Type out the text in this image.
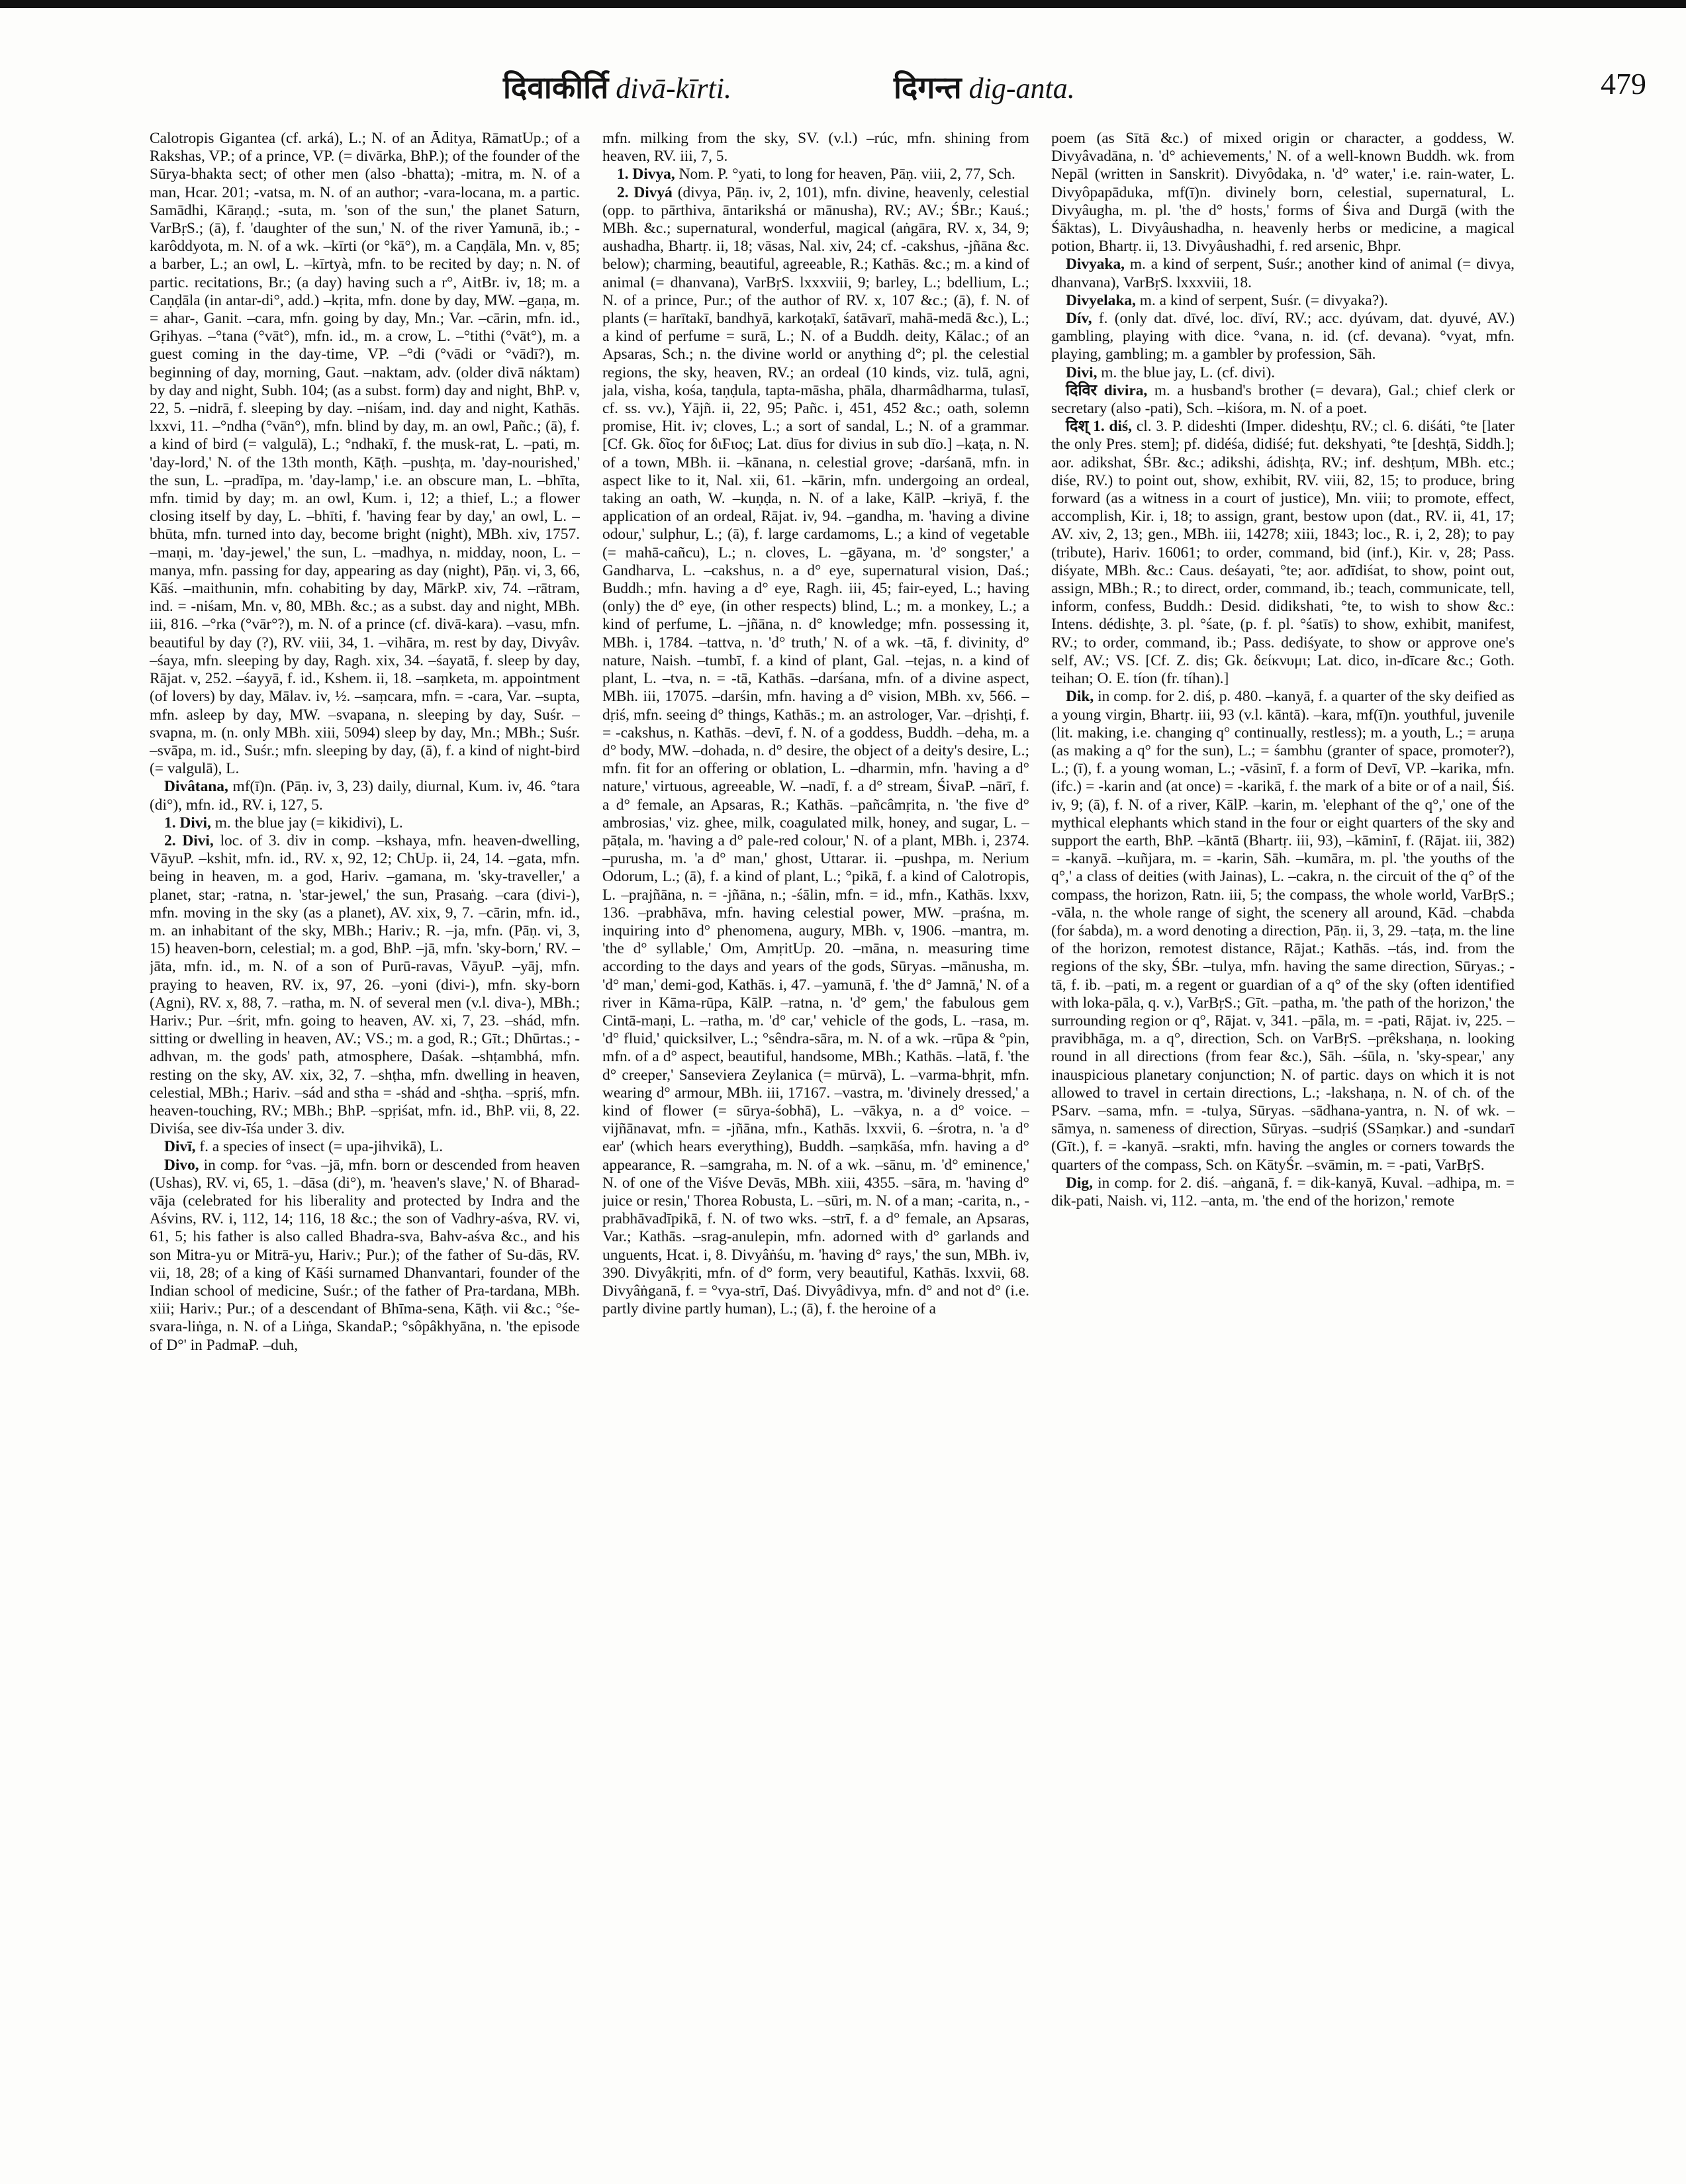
दिवाकीर्ति divā-kīrti.	दिगन्त dig-anta.	479

Calotropis Gigantea (cf. arká), L.; N. of an Āditya, RāmatUp.; of a Rakshas, VP.; of a prince, VP. (= divārka, BhP.); of the founder of the Sūrya-bhakta sect; of other men (also -bhatta); -mitra, m. N. of a man, Hcar. 201; -vatsa, m. N. of an author; -vara-locana, m. a partic. Samādhi, Kāraṇḍ.; -suta, m. 'son of the sun,' the planet Saturn, VarBṛS.; (ā), f. 'daughter of the sun,' N. of the river Yamunā, ib.; -karôddyota, m. N. of a wk. –kīrti (or °kā°), m. a Caṇḍāla, Mn. v, 85; a barber, L.; an owl, L. –kīrtyà, mfn. to be recited by day; n. N. of partic. recitations, Br.; (a day) having such a r°, AitBr. iv, 18; m. a Caṇḍāla (in antar-di°, add.) –kṛita, mfn. done by day, MW. –gaṇa, m. = ahar-, Ganit. –cara, mfn. going by day, Mn.; Var. –cārin, mfn. id., Gṛihyas. –°tana (°vāt°), mfn. id., m. a crow, L. –°tithi (°vāt°), m. a guest coming in the day-time, VP. –°di (°vādi or °vādī?), m. beginning of day, morning, Gaut. –naktam, adv. (older divā náktam) by day and night, Subh. 104; (as a subst. form) day and night, BhP. v, 22, 5. –nidrā, f. sleeping by day. –niśam, ind. day and night, Kathās. lxxvi, 11. –°ndha (°vān°), mfn. blind by day, m. an owl, Pañc.; (ā), f. a kind of bird (= valgulā), L.; °ndhakī, f. the musk-rat, L. –pati, m. 'day-lord,' N. of the 13th month, Kāṭh. –pushṭa, m. 'day-nourished,' the sun, L. –pradīpa, m. 'day-lamp,' i.e. an obscure man, L. –bhīta, mfn. timid by day; m. an owl, Kum. i, 12; a thief, L.; a flower closing itself by day, L. –bhīti, f. 'having fear by day,' an owl, L. –bhūta, mfn. turned into day, become bright (night), MBh. xiv, 1757. –maṇi, m. 'day-jewel,' the sun, L. –madhya, n. midday, noon, L. –manya, mfn. passing for day, appearing as day (night), Pāṇ. vi, 3, 66, Kāś. –maithunin, mfn. cohabiting by day, MārkP. xiv, 74. –rātram, ind. = -niśam, Mn. v, 80, MBh. &c.; as a subst. day and night, MBh. iii, 816. –°rka (°vār°?), m. N. of a prince (cf. divā-kara). –vasu, mfn. beautiful by day (?), RV. viii, 34, 1. –vihāra, m. rest by day, Divyâv. –śaya, mfn. sleeping by day, Ragh. xix, 34. –śayatā, f. sleep by day, Rājat. v, 252. –śayyā, f. id., Kshem. ii, 18. –saṃketa, m. appointment (of lovers) by day, Mālav. iv, ½. –saṃcara, mfn. = -cara, Var. –supta, mfn. asleep by day, MW. –svapana, n. sleeping by day, Suśr. –svapna, m. (n. only MBh. xiii, 5094) sleep by day, Mn.; MBh.; Suśr. –svāpa, m. id., Suśr.; mfn. sleeping by day, (ā), f. a kind of night-bird (= valgulā), L.

Divâtana, mf(ī)n. (Pāṇ. iv, 3, 23) daily, diurnal, Kum. iv, 46. °tara (di°), mfn. id., RV. i, 127, 5.

1. Divi, m. the blue jay (= kikidivi), L.

2. Divi, loc. of 3. div in comp. –kshaya, mfn. heaven-dwelling, VāyuP. –kshit, mfn. id., RV. x, 92, 12; ChUp. ii, 24, 14. –gata, mfn. being in heaven, m. a god, Hariv. –gamana, m. 'sky-traveller,' a planet, star; -ratna, n. 'star-jewel,' the sun, Prasaṅg. –cara (divi-), mfn. moving in the sky (as a planet), AV. xix, 9, 7. –cārin, mfn. id., m. an inhabitant of the sky, MBh.; Hariv.; R. –ja, mfn. (Pāṇ. vi, 3, 15) heaven-born, celestial; m. a god, BhP. –jā, mfn. 'sky-born,' RV. –jāta, mfn. id., m. N. of a son of Purū-ravas, VāyuP. –yāj, mfn. praying to heaven, RV. ix, 97, 26. –yoni (divi-), mfn. sky-born (Agni), RV. x, 88, 7. –ratha, m. N. of several men (v.l. diva-), MBh.; Hariv.; Pur. –śrit, mfn. going to heaven, AV. xi, 7, 23. –shád, mfn. sitting or dwelling in heaven, AV.; VS.; m. a god, R.; Gīt.; Dhūrtas.; -adhvan, m. the gods' path, atmosphere, Daśak. –shṭambhá, mfn. resting on the sky, AV. xix, 32, 7. –shṭha, mfn. dwelling in heaven, celestial, MBh.; Hariv. –sád and stha = -shád and -shṭha. –spṛiś, mfn. heaven-touching, RV.; MBh.; BhP. –spṛiśat, mfn. id., BhP. vii, 8, 22. Diviśa, see div-īśa under 3. div.

Divī, f. a species of insect (= upa-jihvikā), L.

Divo, in comp. for °vas. –jā, mfn. born or descended from heaven (Ushas), RV. vi, 65, 1. –dāsa (di°), m. 'heaven's slave,' N. of Bharad-vāja (celebrated for his liberality and protected by Indra and the Aśvins, RV. i, 112, 14; 116, 18 &c.; the son of Vadhry-aśva, RV. vi, 61, 5; his father is also called Bhadra-sva, Bahv-aśva &c., and his son Mitra-yu or Mitrā-yu, Hariv.; Pur.); of the father of Su-dās, RV. vii, 18, 28; of a king of Kāśi surnamed Dhanvantari, founder of the Indian school of medicine, Suśr.; of the father of Pra-tardana, MBh. xiii; Hariv.; Pur.; of a descendant of Bhīma-sena, Kāṭh. vii &c.; °śe-svara-liṅga, n. N. of a Liṅga, SkandaP.; °sôpâkhyāna, n. 'the episode of D°' in PadmaP. –duh,

mfn. milking from the sky, SV. (v.l.) –rúc, mfn. shining from heaven, RV. iii, 7, 5.

1. Divya, Nom. P. °yati, to long for heaven, Pāṇ. viii, 2, 77, Sch.

2. Divyá (divya, Pāṇ. iv, 2, 101), mfn. divine, heavenly, celestial (opp. to pārthiva, āntarikshá or mānusha), RV.; AV.; ŚBr.; Kauś.; MBh. &c.; supernatural, wonderful, magical (aṅgāra, RV. x, 34, 9; aushadha, Bhartṛ. ii, 18; vāsas, Nal. xiv, 24; cf. -cakshus, -jñāna &c. below); charming, beautiful, agreeable, R.; Kathās. &c.; m. a kind of animal (= dhanvana), VarBṛS. lxxxviii, 9; barley, L.; bdellium, L.; N. of a prince, Pur.; of the author of RV. x, 107 &c.; (ā), f. N. of plants (= harītakī, bandhyā, karkoṭakī, śatāvarī, mahā-medā &c.), L.; a kind of perfume = surā, L.; N. of a Buddh. deity, Kālac.; of an Apsaras, Sch.; n. the divine world or anything d°; pl. the celestial regions, the sky, heaven, RV.; an ordeal (10 kinds, viz. tulā, agni, jala, visha, kośa, taṇḍula, tapta-māsha, phāla, dharmâdharma, tulasī, cf. ss. vv.), Yājñ. ii, 22, 95; Pañc. i, 451, 452 &c.; oath, solemn promise, Hit. iv; cloves, L.; a sort of sandal, L.; N. of a grammar. [Cf. Gk. δῖος for διϜιος; Lat. dīus for divius in sub dīo.] –kaṭa, n. N. of a town, MBh. ii. –kānana, n. celestial grove; -darśanā, mfn. in aspect like to it, Nal. xii, 61. –kārin, mfn. undergoing an ordeal, taking an oath, W. –kuṇḍa, n. N. of a lake, KālP. –kriyā, f. the application of an ordeal, Rājat. iv, 94. –gandha, m. 'having a divine odour,' sulphur, L.; (ā), f. large cardamoms, L.; a kind of vegetable (= mahā-cañcu), L.; n. cloves, L. –gāyana, m. 'd° songster,' a Gandharva, L. –cakshus, n. a d° eye, supernatural vision, Daś.; Buddh.; mfn. having a d° eye, Ragh. iii, 45; fair-eyed, L.; having (only) the d° eye, (in other respects) blind, L.; m. a monkey, L.; a kind of perfume, L. –jñāna, n. d° knowledge; mfn. possessing it, MBh. i, 1784. –tattva, n. 'd° truth,' N. of a wk. –tā, f. divinity, d° nature, Naish. –tumbī, f. a kind of plant, Gal. –tejas, n. a kind of plant, L. –tva, n. = -tā, Kathās. –darśana, mfn. of a divine aspect, MBh. iii, 17075. –darśin, mfn. having a d° vision, MBh. xv, 566. –dṛiś, mfn. seeing d° things, Kathās.; m. an astrologer, Var. –dṛishṭi, f. = -cakshus, n. Kathās. –devī, f. N. of a goddess, Buddh. –deha, m. a d° body, MW. –dohada, n. d° desire, the object of a deity's desire, L.; mfn. fit for an offering or oblation, L. –dharmin, mfn. 'having a d° nature,' virtuous, agreeable, W. –nadī, f. a d° stream, ŚivaP. –nārī, f. a d° female, an Apsaras, R.; Kathās. –pañcâmṛita, n. 'the five d° ambrosias,' viz. ghee, milk, coagulated milk, honey, and sugar, L. –pāṭala, m. 'having a d° pale-red colour,' N. of a plant, MBh. i, 2374. –purusha, m. 'a d° man,' ghost, Uttarar. ii. –pushpa, m. Nerium Odorum, L.; (ā), f. a kind of plant, L.; °pikā, f. a kind of Calotropis, L. –prajñāna, n. = -jñāna, n.; -śālin, mfn. = id., mfn., Kathās. lxxv, 136. –prabhāva, mfn. having celestial power, MW. –praśna, m. inquiring into d° phenomena, augury, MBh. v, 1906. –mantra, m. 'the d° syllable,' Om, AmṛitUp. 20. –māna, n. measuring time according to the days and years of the gods, Sūryas. –mānusha, m. 'd° man,' demi-god, Kathās. i, 47. –yamunā, f. 'the d° Jamnā,' N. of a river in Kāma-rūpa, KālP. –ratna, n. 'd° gem,' the fabulous gem Cintā-maṇi, L. –ratha, m. 'd° car,' vehicle of the gods, L. –rasa, m. 'd° fluid,' quicksilver, L.; °sêndra-sāra, m. N. of a wk. –rūpa & °pin, mfn. of a d° aspect, beautiful, handsome, MBh.; Kathās. –latā, f. 'the d° creeper,' Sanseviera Zeylanica (= mūrvā), L. –varma-bhṛit, mfn. wearing d° armour, MBh. iii, 17167. –vastra, m. 'divinely dressed,' a kind of flower (= sūrya-śobhā), L. –vākya, n. a d° voice. –vijñānavat, mfn. = -jñāna, mfn., Kathās. lxxvii, 6. –śrotra, n. 'a d° ear' (which hears everything), Buddh. –saṃkāśa, mfn. having a d° appearance, R. –samgraha, m. N. of a wk. –sānu, m. 'd° eminence,' N. of one of the Viśve Devās, MBh. xiii, 4355. –sāra, m. 'having d° juice or resin,' Thorea Robusta, L. –sūri, m. N. of a man; -carita, n., -prabhāvadīpikā, f. N. of two wks. –strī, f. a d° female, an Apsaras, Var.; Kathās. –srag-anulepin, mfn. adorned with d° garlands and unguents, Hcat. i, 8. Divyâṅśu, m. 'having d° rays,' the sun, MBh. iv, 390. Divyâkṛiti, mfn. of d° form, very beautiful, Kathās. lxxvii, 68. Divyâṅganā, f. = °vya-strī, Daś. Divyâdivya, mfn. d° and not d° (i.e. partly divine partly human), L.; (ā), f. the heroine of a

poem (as Sītā &c.) of mixed origin or character, a goddess, W. Divyâvadāna, n. 'd° achievements,' N. of a well-known Buddh. wk. from Nepāl (written in Sanskrit). Divyôdaka, n. 'd° water,' i.e. rain-water, L. Divyôpapāduka, mf(ī)n. divinely born, celestial, supernatural, L. Divyâugha, m. pl. 'the d° hosts,' forms of Śiva and Durgā (with the Śāktas), L. Divyâushadha, n. heavenly herbs or medicine, a magical potion, Bhartṛ. ii, 13. Divyâushadhi, f. red arsenic, Bhpr.

Divyaka, m. a kind of serpent, Suśr.; another kind of animal (= divya, dhanvana), VarBṛS. lxxxviii, 18.

Divyelaka, m. a kind of serpent, Suśr. (= divyaka?).

Dív, f. (only dat. dīvé, loc. dīví, RV.; acc. dyúvam, dat. dyuvé, AV.) gambling, playing with dice. °vana, n. id. (cf. devana). °vyat, mfn. playing, gambling; m. a gambler by profession, Sāh.

Divi, m. the blue jay, L. (cf. divi).

दिविर divira, m. a husband's brother (= devara), Gal.; chief clerk or secretary (also -pati), Sch. –kiśora, m. N. of a poet.

दिश् 1. diś, cl. 3. P. dideshti (Imper. dideshṭu, RV.; cl. 6. diśáti, °te [later the only Pres. stem]; pf. didéśa, didiśé; fut. dekshyati, °te [deshṭā, Siddh.]; aor. adikshat, ŚBr. &c.; adikshi, ádishṭa, RV.; inf. deshṭum, MBh. etc.; diśe, RV.) to point out, show, exhibit, RV. viii, 82, 15; to produce, bring forward (as a witness in a court of justice), Mn. viii; to promote, effect, accomplish, Kir. i, 18; to assign, grant, bestow upon (dat., RV. ii, 41, 17; AV. xiv, 2, 13; gen., MBh. iii, 14278; xiii, 1843; loc., R. i, 2, 28); to pay (tribute), Hariv. 16061; to order, command, bid (inf.), Kir. v, 28; Pass. diśyate, MBh. &c.: Caus. deśayati, °te; aor. adīdiśat, to show, point out, assign, MBh.; R.; to direct, order, command, ib.; teach, communicate, tell, inform, confess, Buddh.: Desid. didikshati, °te, to wish to show &c.: Intens. dédishṭe, 3. pl. °śate, (p. f. pl. °śatīs) to show, exhibit, manifest, RV.; to order, command, ib.; Pass. dediśyate, to show or approve one's self, AV.; VS. [Cf. Z. dis; Gk. δείκνυμι; Lat. dico, in-dīcare &c.; Goth. teihan; O. E. tíon (fr. tíhan).]

Dik, in comp. for 2. diś, p. 480. –kanyā, f. a quarter of the sky deified as a young virgin, Bhartṛ. iii, 93 (v.l. kāntā). –kara, mf(ī)n. youthful, juvenile (lit. making, i.e. changing q° continually, restless); m. a youth, L.; = aruṇa (as making a q° for the sun), L.; = śambhu (granter of space, promoter?), L.; (ī), f. a young woman, L.; -vāsinī, f. a form of Devī, VP. –karika, mfn. (ifc.) = -karin and (at once) = -karikā, f. the mark of a bite or of a nail, Śiś. iv, 9; (ā), f. N. of a river, KālP. –karin, m. 'elephant of the q°,' one of the mythical elephants which stand in the four or eight quarters of the sky and support the earth, BhP. –kāntā (Bhartṛ. iii, 93), –kāminī, f. (Rājat. iii, 382) = -kanyā. –kuñjara, m. = -karin, Sāh. –kumāra, m. pl. 'the youths of the q°,' a class of deities (with Jainas), L. –cakra, n. the circuit of the q° of the compass, the horizon, Ratn. iii, 5; the compass, the whole world, VarBṛS.; -vāla, n. the whole range of sight, the scenery all around, Kād. –chabda (for śabda), m. a word denoting a direction, Pāṇ. ii, 3, 29. –taṭa, m. the line of the horizon, remotest distance, Rājat.; Kathās. –tás, ind. from the regions of the sky, ŚBr. –tulya, mfn. having the same direction, Sūryas.; -tā, f. ib. –pati, m. a regent or guardian of a q° of the sky (often identified with loka-pāla, q. v.), VarBṛS.; Gīt. –patha, m. 'the path of the horizon,' the surrounding region or q°, Rājat. v, 341. –pāla, m. = -pati, Rājat. iv, 225. –pravibhāga, m. a q°, direction, Sch. on VarBṛS. –prêkshaṇa, n. looking round in all directions (from fear &c.), Sāh. –śūla, n. 'sky-spear,' any inauspicious planetary conjunction; N. of partic. days on which it is not allowed to travel in certain directions, L.; -lakshaṇa, n. N. of ch. of the PSarv. –sama, mfn. = -tulya, Sūryas. –sādhana-yantra, n. N. of wk. –sāmya, n. sameness of direction, Sūryas. –sudṛiś (SSaṃkar.) and -sundarī (Gīt.), f. = -kanyā. –srakti, mfn. having the angles or corners towards the quarters of the compass, Sch. on KātyŚr. –svāmin, m. = -pati, VarBṛS.

Dig, in comp. for 2. diś. –aṅganā, f. = dik-kanyā, Kuval. –adhipa, m. = dik-pati, Naish. vi, 112. –anta, m. 'the end of the horizon,' remote
